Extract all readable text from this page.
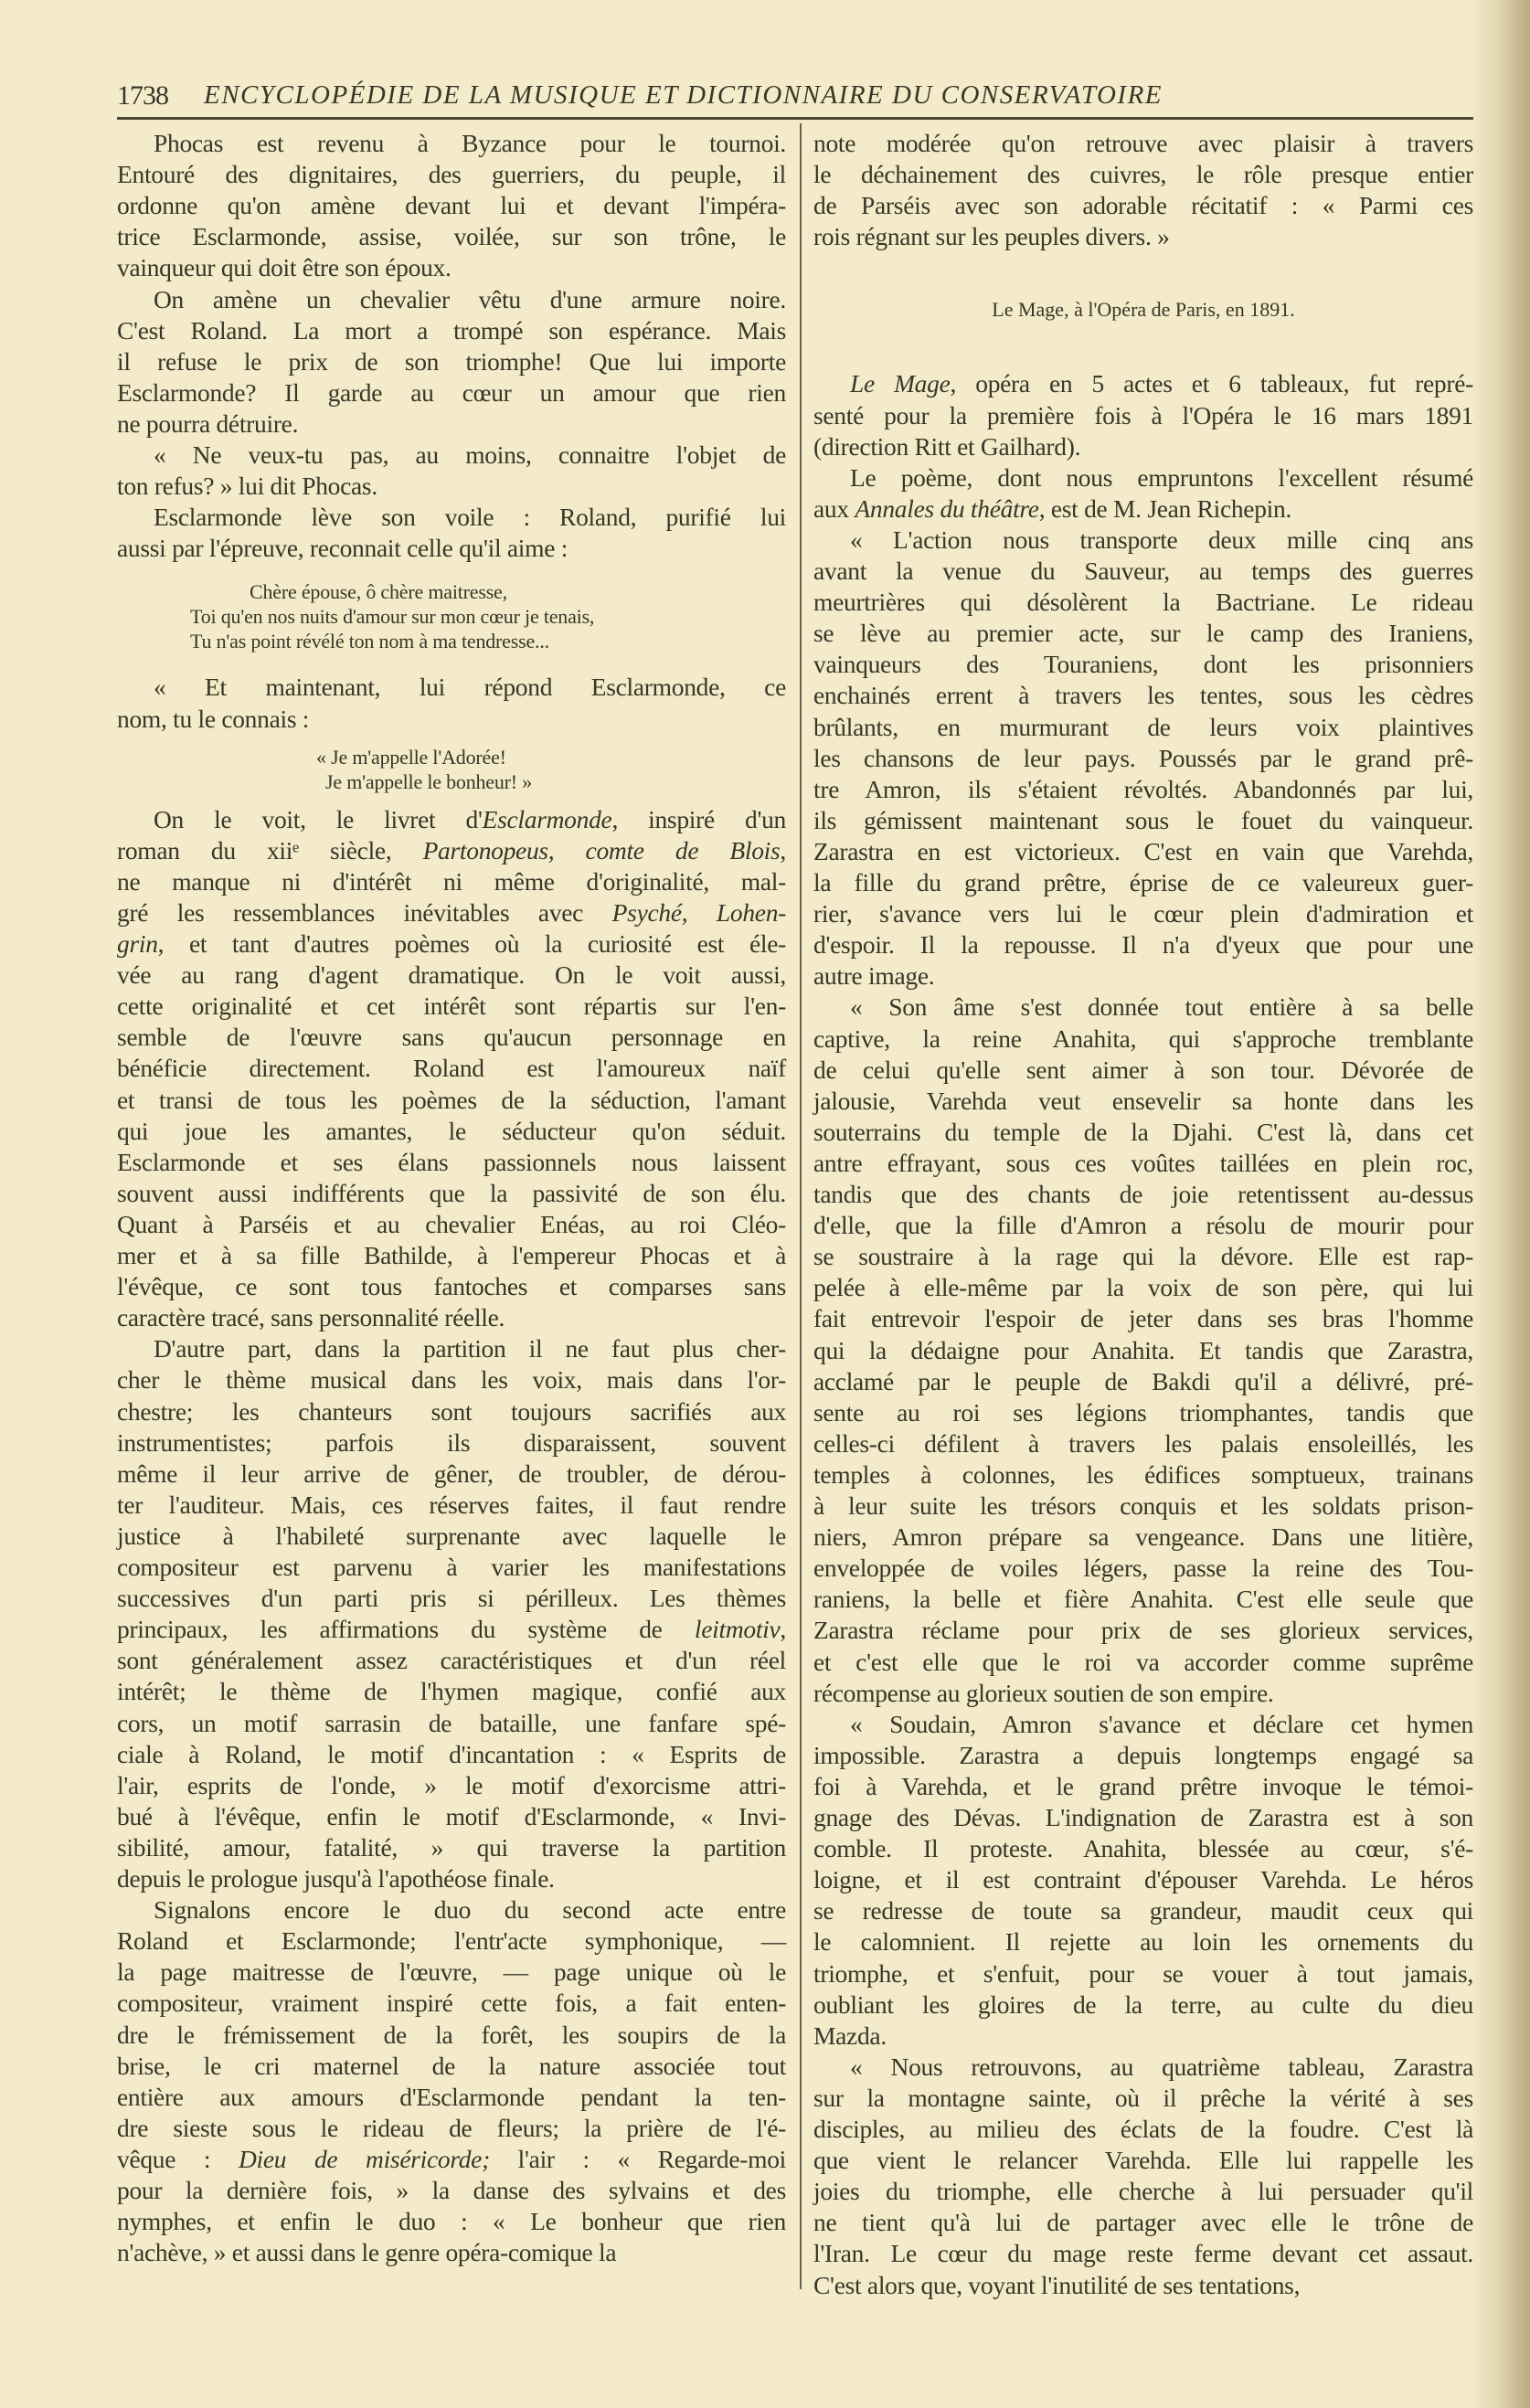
1738 ENCYCLOPÉDIE DE LA MUSIQUE ET DICTIONNAIRE DU CONSERVATOIRE
Phocas est revenu à Byzance pour le tournoi.
Entouré des dignitaires, des guerriers, du peuple, il
ordonne qu'on amène devant lui et devant l'impéra-
trice Esclarmonde, assise, voilée, sur son trône, le
vainqueur qui doit être son époux.
On amène un chevalier vêtu d'une armure noire.
C'est Roland. La mort a trompé son espérance. Mais
il refuse le prix de son triomphe! Que lui importe
Esclarmonde? Il garde au cœur un amour que rien
ne pourra détruire.
« Ne veux-tu pas, au moins, connaitre l'objet de
ton refus? » lui dit Phocas.
Esclarmonde lève son voile : Roland, purifié lui
aussi par l'épreuve, reconnait celle qu'il aime :
Chère épouse, ô chère maitresse,
Toi qu'en nos nuits d'amour sur mon cœur je tenais,
Tu n'as point révélé ton nom à ma tendresse...
« Et maintenant, lui répond Esclarmonde, ce
nom, tu le connais :
« Je m'appelle l'Adorée!
Je m'appelle le bonheur! »
On le voit, le livret d'Esclarmonde, inspiré d'un
roman du xiiᵉ siècle, Partonopeus, comte de Blois,
ne manque ni d'intérêt ni même d'originalité, mal-
gré les ressemblances inévitables avec Psyché, Lohen-
grin, et tant d'autres poèmes où la curiosité est éle-
vée au rang d'agent dramatique. On le voit aussi,
cette originalité et cet intérêt sont répartis sur l'en-
semble de l'œuvre sans qu'aucun personnage en
bénéficie directement. Roland est l'amoureux naïf
et transi de tous les poèmes de la séduction, l'amant
qui joue les amantes, le séducteur qu'on séduit.
Esclarmonde et ses élans passionnels nous laissent
souvent aussi indifférents que la passivité de son élu.
Quant à Parséis et au chevalier Enéas, au roi Cléo-
mer et à sa fille Bathilde, à l'empereur Phocas et à
l'évêque, ce sont tous fantoches et comparses sans
caractère tracé, sans personnalité réelle.
D'autre part, dans la partition il ne faut plus cher-
cher le thème musical dans les voix, mais dans l'or-
chestre; les chanteurs sont toujours sacrifiés aux
instrumentistes; parfois ils disparaissent, souvent
même il leur arrive de gêner, de troubler, de dérou-
ter l'auditeur. Mais, ces réserves faites, il faut rendre
justice à l'habileté surprenante avec laquelle le
compositeur est parvenu à varier les manifestations
successives d'un parti pris si périlleux. Les thèmes
principaux, les affirmations du système de leitmotiv,
sont généralement assez caractéristiques et d'un réel
intérêt; le thème de l'hymen magique, confié aux
cors, un motif sarrasin de bataille, une fanfare spé-
ciale à Roland, le motif d'incantation : « Esprits de
l'air, esprits de l'onde, » le motif d'exorcisme attri-
bué à l'évêque, enfin le motif d'Esclarmonde, « Invi-
sibilité, amour, fatalité, » qui traverse la partition
depuis le prologue jusqu'à l'apothéose finale.
Signalons encore le duo du second acte entre
Roland et Esclarmonde; l'entr'acte symphonique, —
la page maitresse de l'œuvre, — page unique où le
compositeur, vraiment inspiré cette fois, a fait enten-
dre le frémissement de la forêt, les soupirs de la
brise, le cri maternel de la nature associée tout
entière aux amours d'Esclarmonde pendant la ten-
dre sieste sous le rideau de fleurs; la prière de l'é-
vêque : Dieu de miséricorde; l'air : « Regarde-moi
pour la dernière fois, » la danse des sylvains et des
nymphes, et enfin le duo : « Le bonheur que rien
n'achève, » et aussi dans le genre opéra-comique la
note modérée qu'on retrouve avec plaisir à travers
le déchainement des cuivres, le rôle presque entier
de Parséis avec son adorable récitatif : « Parmi ces
rois régnant sur les peuples divers. »
Le Mage, à l'Opéra de Paris, en 1891.
Le Mage, opéra en 5 actes et 6 tableaux, fut repré-
senté pour la première fois à l'Opéra le 16 mars 1891
(direction Ritt et Gailhard).
Le poème, dont nous empruntons l'excellent résumé
aux Annales du théâtre, est de M. Jean Richepin.
« L'action nous transporte deux mille cinq ans
avant la venue du Sauveur, au temps des guerres
meurtrières qui désolèrent la Bactriane. Le rideau
se lève au premier acte, sur le camp des Iraniens,
vainqueurs des Touraniens, dont les prisonniers
enchainés errent à travers les tentes, sous les cèdres
brûlants, en murmurant de leurs voix plaintives
les chansons de leur pays. Poussés par le grand prê-
tre Amron, ils s'étaient révoltés. Abandonnés par lui,
ils gémissent maintenant sous le fouet du vainqueur.
Zarastra en est victorieux. C'est en vain que Varehda,
la fille du grand prêtre, éprise de ce valeureux guer-
rier, s'avance vers lui le cœur plein d'admiration et
d'espoir. Il la repousse. Il n'a d'yeux que pour une
autre image.
« Son âme s'est donnée tout entière à sa belle
captive, la reine Anahita, qui s'approche tremblante
de celui qu'elle sent aimer à son tour. Dévorée de
jalousie, Varehda veut ensevelir sa honte dans les
souterrains du temple de la Djahi. C'est là, dans cet
antre effrayant, sous ces voûtes taillées en plein roc,
tandis que des chants de joie retentissent au-dessus
d'elle, que la fille d'Amron a résolu de mourir pour
se soustraire à la rage qui la dévore. Elle est rap-
pelée à elle-même par la voix de son père, qui lui
fait entrevoir l'espoir de jeter dans ses bras l'homme
qui la dédaigne pour Anahita. Et tandis que Zarastra,
acclamé par le peuple de Bakdi qu'il a délivré, pré-
sente au roi ses légions triomphantes, tandis que
celles-ci défilent à travers les palais ensoleillés, les
temples à colonnes, les édifices somptueux, trainans
à leur suite les trésors conquis et les soldats prison-
niers, Amron prépare sa vengeance. Dans une litière,
enveloppée de voiles légers, passe la reine des Tou-
raniens, la belle et fière Anahita. C'est elle seule que
Zarastra réclame pour prix de ses glorieux services,
et c'est elle que le roi va accorder comme suprême
récompense au glorieux soutien de son empire.
« Soudain, Amron s'avance et déclare cet hymen
impossible. Zarastra a depuis longtemps engagé sa
foi à Varehda, et le grand prêtre invoque le témoi-
gnage des Dévas. L'indignation de Zarastra est à son
comble. Il proteste. Anahita, blessée au cœur, s'é-
loigne, et il est contraint d'épouser Varehda. Le héros
se redresse de toute sa grandeur, maudit ceux qui
le calomnient. Il rejette au loin les ornements du
triomphe, et s'enfuit, pour se vouer à tout jamais,
oubliant les gloires de la terre, au culte du dieu
Mazda.
« Nous retrouvons, au quatrième tableau, Zarastra
sur la montagne sainte, où il prêche la vérité à ses
disciples, au milieu des éclats de la foudre. C'est là
que vient le relancer Varehda. Elle lui rappelle les
joies du triomphe, elle cherche à lui persuader qu'il
ne tient qu'à lui de partager avec elle le trône de
l'Iran. Le cœur du mage reste ferme devant cet assaut.
C'est alors que, voyant l'inutilité de ses tentations,
